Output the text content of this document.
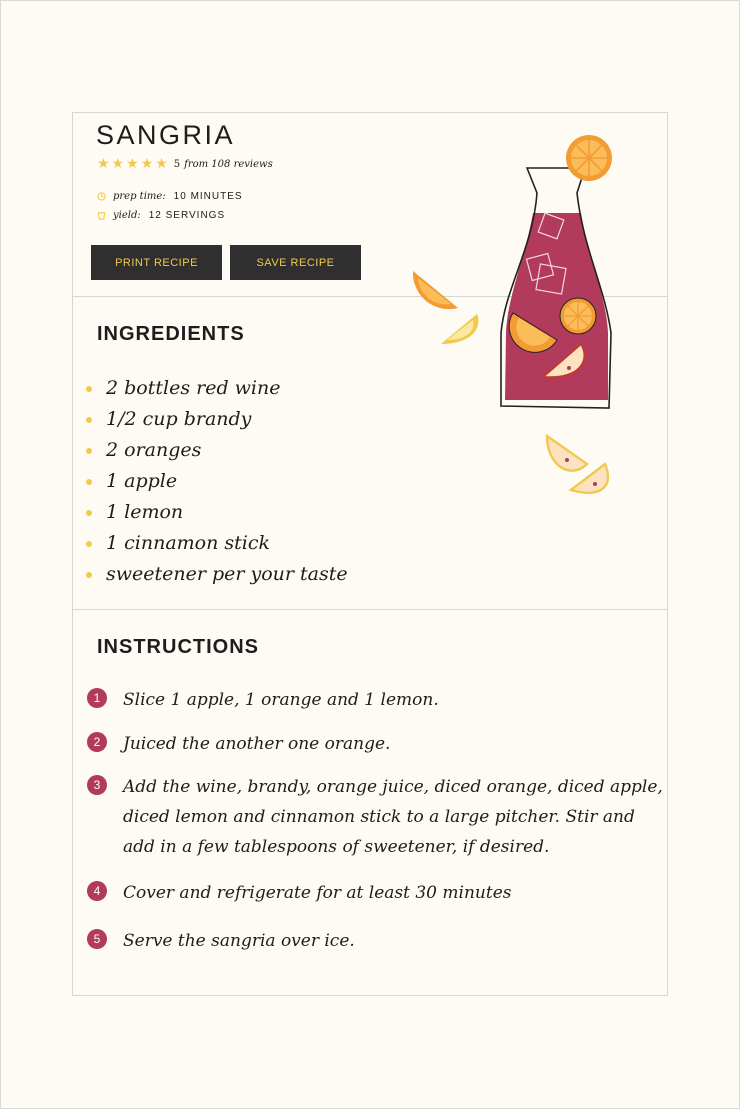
SANGRIA
★★★★★ 5 from 108 reviews
prep time: 10 MINUTES
yield: 12 SERVINGS
PRINT RECIPE	SAVE RECIPE
INGREDIENTS
2 bottles red wine
1/2 cup brandy
2 oranges
1 apple
1 lemon
1 cinnamon stick
sweetener per your taste
INSTRUCTIONS
1	Slice 1 apple, 1 orange and 1 lemon.
2	Juiced the another one orange.
3	Add the wine, brandy, orange juice, diced orange, diced apple, diced lemon and cinnamon stick to a large pitcher. Stir and add in a few tablespoons of sweetener, if desired.
4	Cover and refrigerate for at least 30 minutes
5	Serve the sangria over ice.
